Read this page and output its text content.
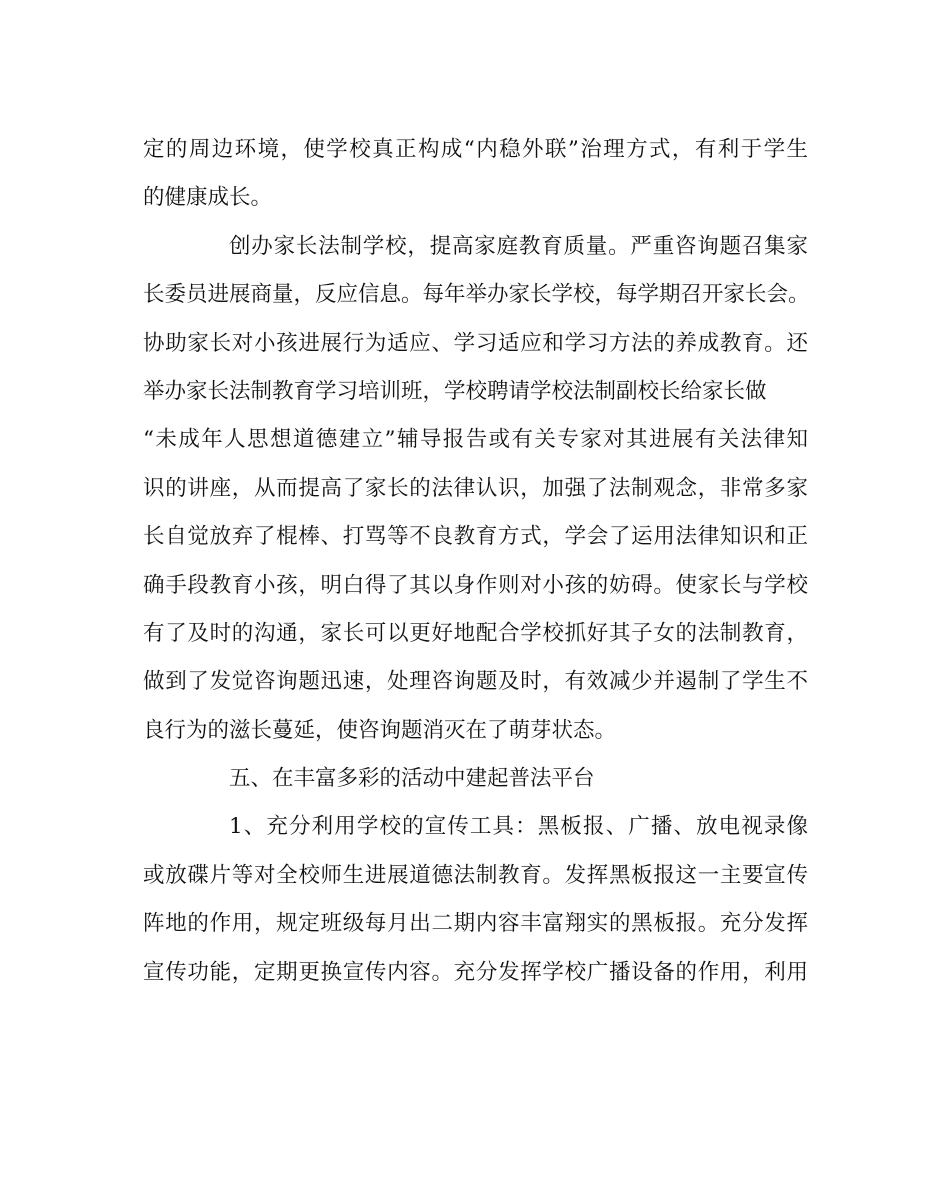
定的周边环境，使学校真正构成“内稳外联”治理方式，有利于学生
的健康成长。
创办家长法制学校，提高家庭教育质量。严重咨询题召集家
长委员进展商量，反应信息。每年举办家长学校，每学期召开家长会。
协助家长对小孩进展行为适应、学习适应和学习方法的养成教育。还
举办家长法制教育学习培训班，学校聘请学校法制副校长给家长做
“未成年人思想道德建立”辅导报告或有关专家对其进展有关法律知
识的讲座，从而提高了家长的法律认识，加强了法制观念，非常多家
长自觉放弃了棍棒、打骂等不良教育方式，学会了运用法律知识和正
确手段教育小孩，明白得了其以身作则对小孩的妨碍。使家长与学校
有了及时的沟通，家长可以更好地配合学校抓好其子女的法制教育，
做到了发觉咨询题迅速，处理咨询题及时，有效减少并遏制了学生不
良行为的滋长蔓延，使咨询题消灭在了萌芽状态。
五、在丰富多彩的活动中建起普法平台
1、充分利用学校的宣传工具：黑板报、广播、放电视录像
或放碟片等对全校师生进展道德法制教育。发挥黑板报这一主要宣传
阵地的作用，规定班级每月出二期内容丰富翔实的黑板报。充分发挥
宣传功能，定期更换宣传内容。充分发挥学校广播设备的作用，利用
